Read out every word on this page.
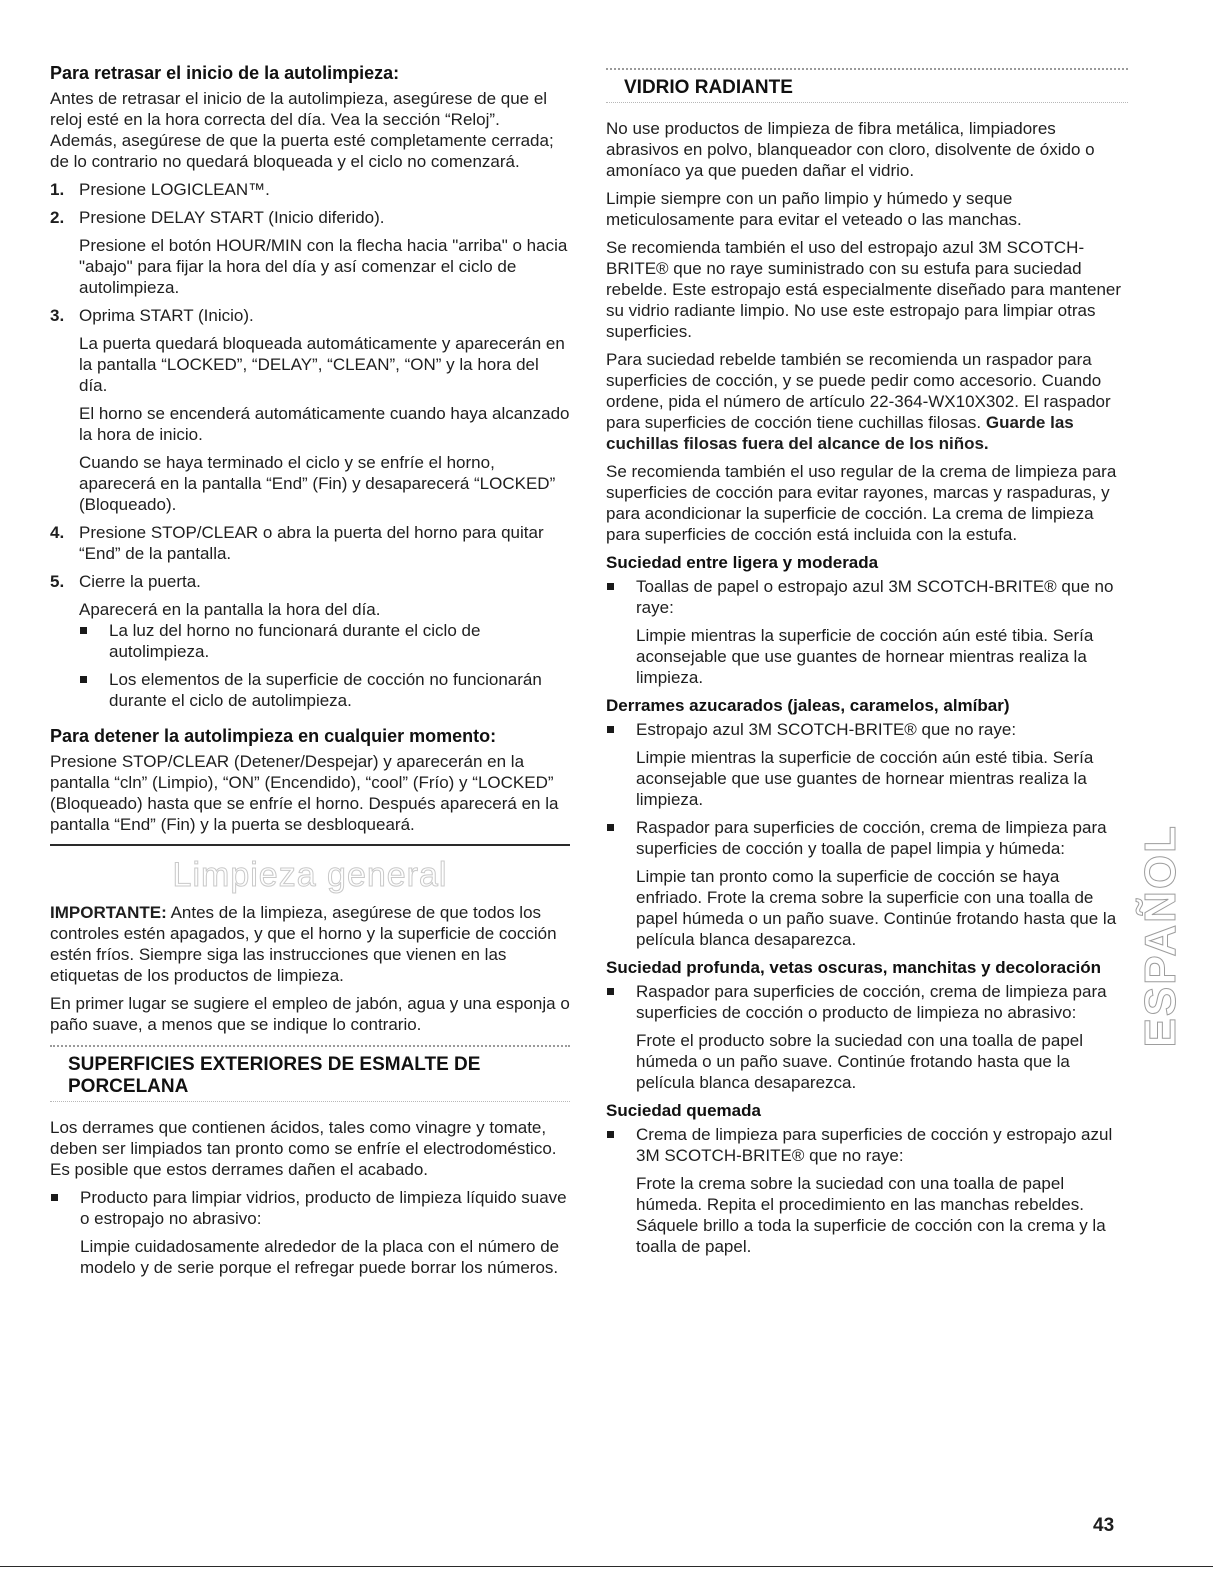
Para retrasar el inicio de la autolimpieza:

Antes de retrasar el inicio de la autolimpieza, asegúrese de que el reloj esté en la hora correcta del día. Vea la sección “Reloj”. Además, asegúrese de que la puerta esté completamente cerrada; de lo contrario no quedará bloqueada y el ciclo no comenzará.

1. Presione LOGICLEAN™.
2. Presione DELAY START (Inicio diferido).

Presione el botón HOUR/MIN con la flecha hacia "arriba" o hacia "abajo" para fijar la hora del día y así comenzar el ciclo de autolimpieza.

3. Oprima START (Inicio).

La puerta quedará bloqueada automáticamente y aparecerán en la pantalla “LOCKED”, “DELAY”, “CLEAN”, “ON” y la hora del día.

El horno se encenderá automáticamente cuando haya alcanzado la hora de inicio.

Cuando se haya terminado el ciclo y se enfríe el horno, aparecerá en la pantalla “End” (Fin) y desaparecerá “LOCKED” (Bloqueado).

4. Presione STOP/CLEAR o abra la puerta del horno para quitar “End” de la pantalla.
5. Cierre la puerta.

Aparecerá en la pantalla la hora del día.

La luz del horno no funcionará durante el ciclo de autolimpieza.
Los elementos de la superficie de cocción no funcionarán durante el ciclo de autolimpieza.
Para detener la autolimpieza en cualquier momento:

Presione STOP/CLEAR (Detener/Despejar) y aparecerán en la pantalla “cln” (Limpio), “ON” (Encendido), “cool” (Frío) y “LOCKED” (Bloqueado) hasta que se enfríe el horno. Después aparecerá en la pantalla “End” (Fin) y la puerta se desbloqueará.

Limpieza general

IMPORTANTE: Antes de la limpieza, asegúrese de que todos los controles estén apagados, y que el horno y la superficie de cocción estén fríos. Siempre siga las instrucciones que vienen en las etiquetas de los productos de limpieza.

En primer lugar se sugiere el empleo de jabón, agua y una esponja o paño suave, a menos que se indique lo contrario.

SUPERFICIES EXTERIORES DE ESMALTE DE PORCELANA

Los derrames que contienen ácidos, tales como vinagre y tomate, deben ser limpiados tan pronto como se enfríe el electrodoméstico. Es posible que estos derrames dañen el acabado.

Producto para limpiar vidrios, producto de limpieza líquido suave o estropajo no abrasivo:

Limpie cuidadosamente alrededor de la placa con el número de modelo y de serie porque el refregar puede borrar los números.

VIDRIO RADIANTE

No use productos de limpieza de fibra metálica, limpiadores abrasivos en polvo, blanqueador con cloro, disolvente de óxido o amoníaco ya que pueden dañar el vidrio.

Limpie siempre con un paño limpio y húmedo y seque meticulosamente para evitar el veteado o las manchas.

Se recomienda también el uso del estropajo azul 3M SCOTCH-BRITE® que no raye suministrado con su estufa para suciedad rebelde. Este estropajo está especialmente diseñado para mantener su vidrio radiante limpio. No use este estropajo para limpiar otras superficies.

Para suciedad rebelde también se recomienda un raspador para superficies de cocción, y se puede pedir como accesorio. Cuando ordene, pida el número de artículo 22-364-WX10X302. El raspador para superficies de cocción tiene cuchillas filosas. Guarde las cuchillas filosas fuera del alcance de los niños.

Se recomienda también el uso regular de la crema de limpieza para superficies de cocción para evitar rayones, marcas y raspaduras, y para acondicionar la superficie de cocción. La crema de limpieza para superficies de cocción está incluida con la estufa.

Suciedad entre ligera y moderada
Toallas de papel o estropajo azul 3M SCOTCH-BRITE® que no raye:

Limpie mientras la superficie de cocción aún esté tibia. Sería aconsejable que use guantes de hornear mientras realiza la limpieza.

Derrames azucarados (jaleas, caramelos, almíbar)
Estropajo azul 3M SCOTCH-BRITE® que no raye:

Limpie mientras la superficie de cocción aún esté tibia. Sería aconsejable que use guantes de hornear mientras realiza la limpieza.

Raspador para superficies de cocción, crema de limpieza para superficies de cocción y toalla de papel limpia y húmeda:

Limpie tan pronto como la superficie de cocción se haya enfriado. Frote la crema sobre la superficie con una toalla de papel húmeda o un paño suave. Continúe frotando hasta que la película blanca desaparezca.

Suciedad profunda, vetas oscuras, manchitas y decoloración
Raspador para superficies de cocción, crema de limpieza para superficies de cocción o producto de limpieza no abrasivo:

Frote el producto sobre la suciedad con una toalla de papel húmeda o un paño suave. Continúe frotando hasta que la película blanca desaparezca.

Suciedad quemada
Crema de limpieza para superficies de cocción y estropajo azul 3M SCOTCH-BRITE® que no raye:

Frote la crema sobre la suciedad con una toalla de papel húmeda. Repita el procedimiento en las manchas rebeldes. Sáquele brillo a toda la superficie de cocción con la crema y la toalla de papel.

ESPAÑOL
43
